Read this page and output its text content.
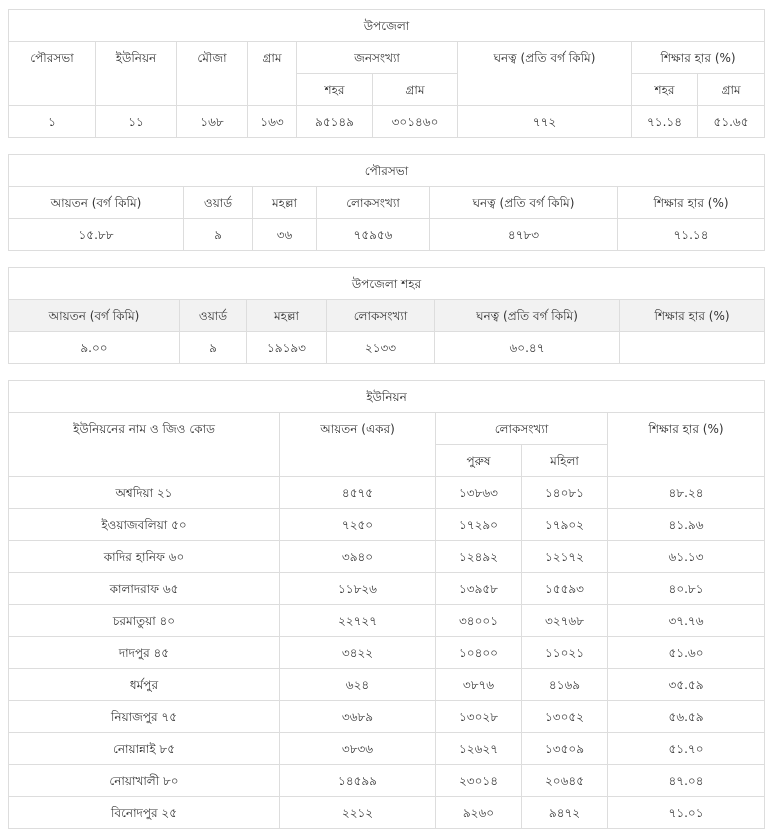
উপজেলা								
পৌরসভা	ইউনিয়ন	মৌজা	গ্রাম	জনসংখ্যা		ঘনত্ব (প্রতি বর্গ কিমি)	শিক্ষার হার (%)	
				শহর	গ্রাম		শহর	গ্রাম
১	১১	১৬৮	১৬৩	৯৫১৪৯	৩০১৪৬০	৭৭২	৭১.১৪	৫১.৬৫
পৌরসভা					
আয়তন (বর্গ কিমি)	ওয়ার্ড	মহল্লা	লোকসংখ্যা	ঘনত্ব (প্রতি বর্গ কিমি)	শিক্ষার হার (%)
১৫.৮৮	৯	৩৬	৭৫৯৫৬	৪৭৮৩	৭১.১৪
উপজেলা শহর					
আয়তন (বর্গ কিমি)	ওয়ার্ড	মহল্লা	লোকসংখ্যা	ঘনত্ব (প্রতি বর্গ কিমি)	শিক্ষার হার (%)
৯.০০	৯	১৯১৯৩	২১৩৩	৬০.৪৭	
ইউনিয়ন				
ইউনিয়নের নাম ও জিও কোড	আয়তন (একর)	লোকসংখ্যা		শিক্ষার হার (%)
		পুরুষ	মহিলা	
অশ্বদিয়া ২১	৪৫৭৫	১৩৮৬৩	১৪০৮১	৪৮.২৪
ইওয়াজবলিয়া ৫০	৭২৫০	১৭২৯০	১৭৯০২	৪১.৯৬
কাদির হানিফ ৬০	৩৯৪০	১২৪৯২	১২১৭২	৬১.১৩
কালাদরাফ ৬৫	১১৮২৬	১৩৯৫৮	১৫৫৯৩	৪০.৮১
চরমাতুয়া ৪০	২২৭২৭	৩৪০০১	৩২৭৬৮	৩৭.৭৬
দাদপুর ৪৫	৩৪২২	১০৪০০	১১০২১	৫১.৬০
ধর্মপুর	৬২৪	৩৮৭৬	৪১৬৯	৩৫.৫৯
নিয়াজপুর ৭৫	৩৬৮৯	১৩০২৮	১৩০৫২	৫৬.৫৯
নোয়ান্নাই ৮৫	৩৮৩৬	১২৬২৭	১৩৫০৯	৫১.৭০
নোয়াখালী ৮০	১৪৫৯৯	২৩০১৪	২০৬৪৫	৪৭.০৪
বিনোদপুর ২৫	২২১২	৯২৬০	৯৪৭২	৭১.০১
